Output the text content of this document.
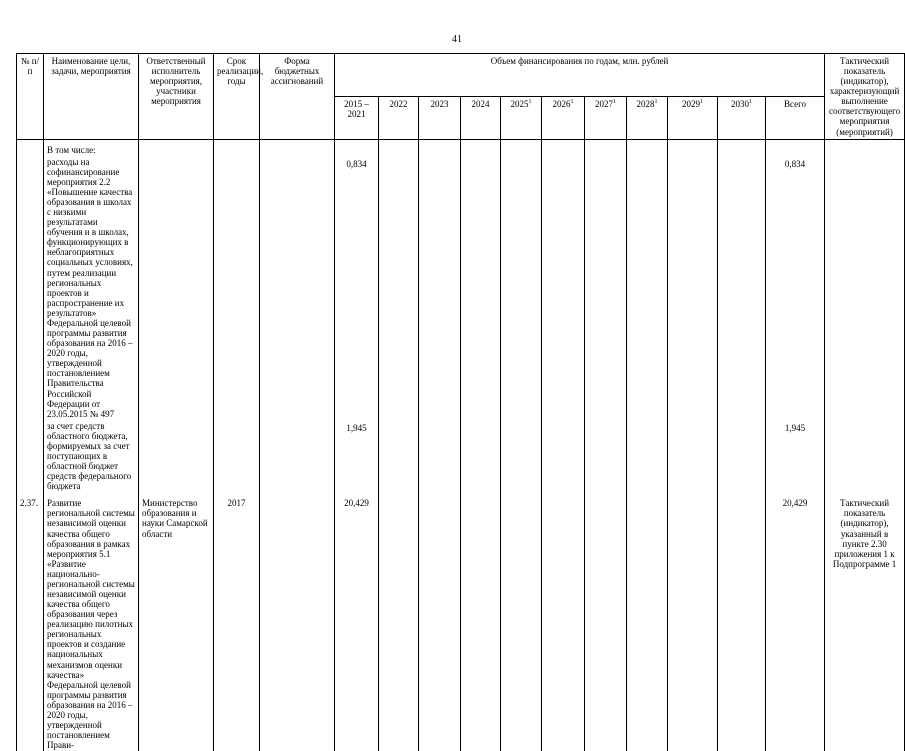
41
№ п/п	Наименование цели, задачи, мероприятия	Ответственный исполнитель мероприятия, участники мероприятия	Срок реализации, годы	Форма бюджетных ассигнований	Объем финансирования по годам, млн. рублей											Тактический показатель (индикатор), характеризующий выполнение соответствующего мероприятия (мероприятий)
					2015 – 2021	2022	2023	2024	2025$^1$	2026$^1$	2027$^1$	2028$^1$	2029$^1$	2030$^1$	Всего	

	В том числе:															
	расходы на софинансирование мероприятия 2.2 «Повышение качества образования в школах с низкими результатами обучения и в школах, функционирующих в неблагоприятных социальных условиях, путем реализации региональных проектов и распространение их результатов» Федеральной целевой программы развития образования на 2016 – 2020 годы, утвержденной постановлением Правительства Российской Федерации от 23.05.2015 № 497				0,834										0,834	
	за счет средств областного бюджета, формируемых за счет поступающих в областной бюджет средств федерального бюджета				1,945										1,945	
2.37.	Развитие региональной системы независимой оценки качества общего образования в рамках мероприятия 5.1 «Развитие национально-региональной системы независимой оценки качества общего образования через реализацию пилотных региональных проектов и создание национальных механизмов оценки качества» Федеральной целевой программы развития образования на 2016 – 2020 годы, утвержденной постановлением Прави-	Министерство образования и науки Самарской области	2017		20,429										20,429	Тактический показатель (индикатор), указанный в пункте 2.30 приложения 1 к Подпрограмме 1
